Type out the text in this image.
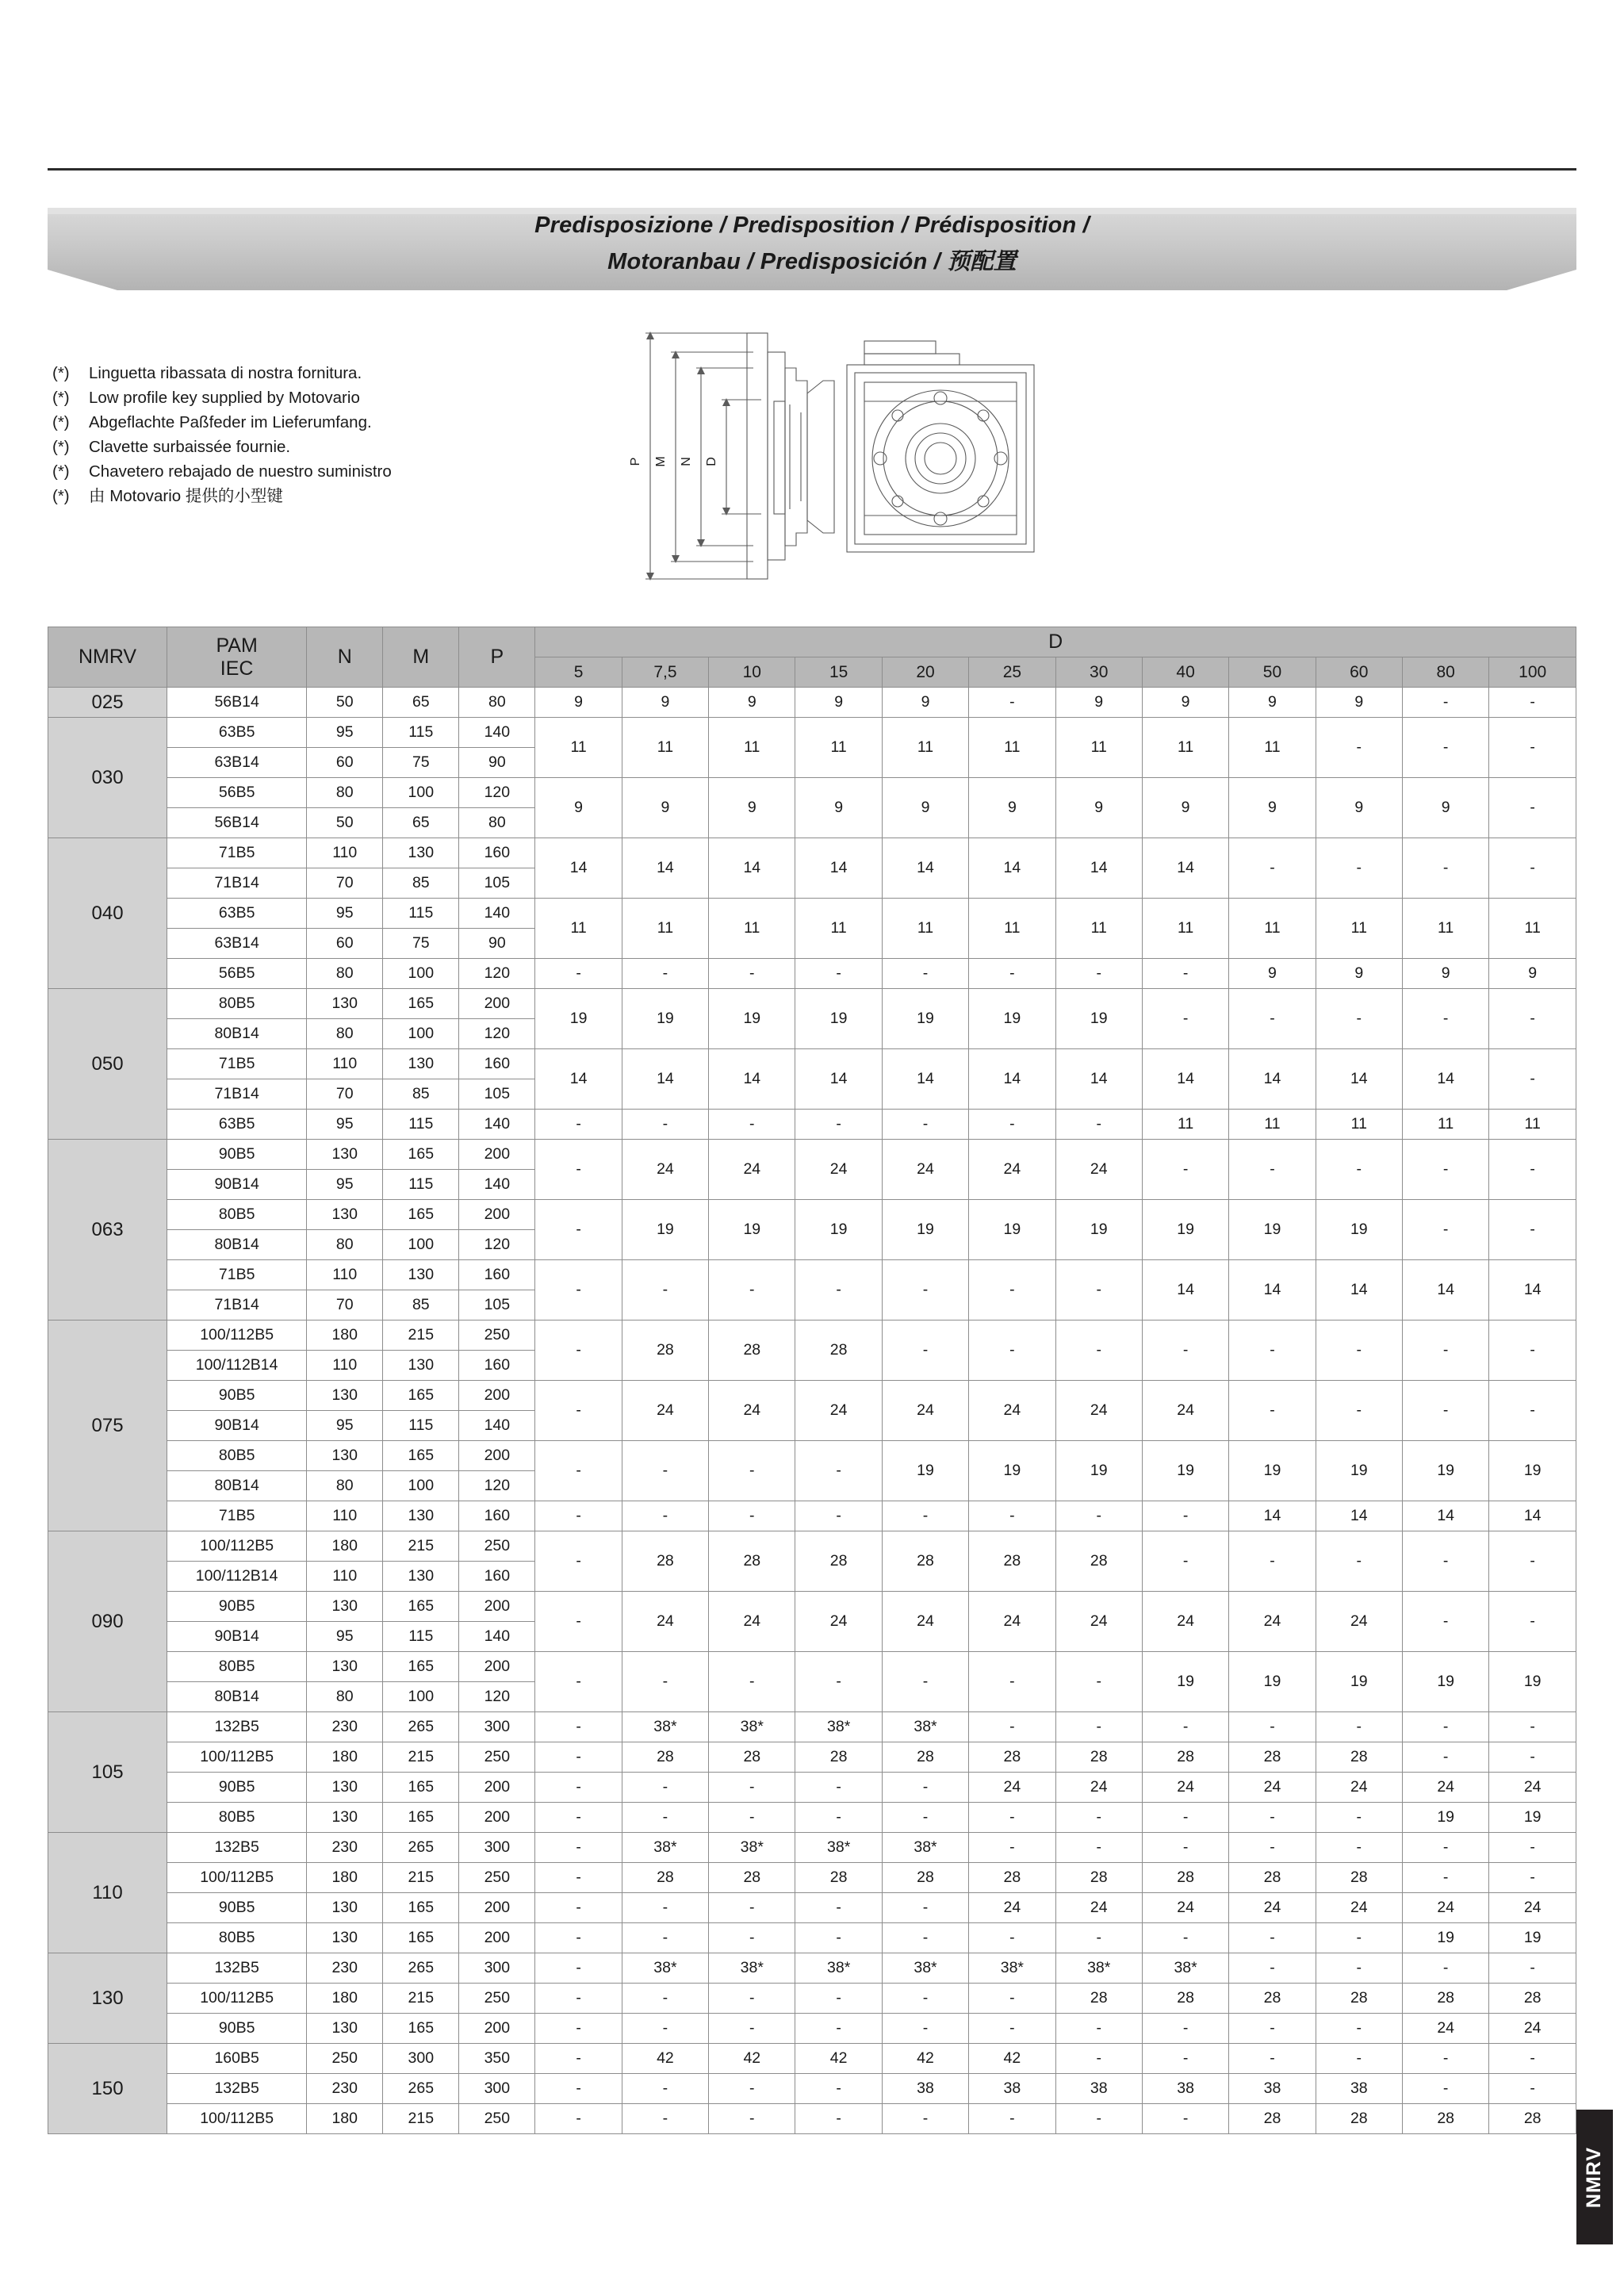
Predisposizione / Predisposition / Prédisposition /
Motoranbau / Predisposición / 预配置
(*)	Linguetta ribassata di nostra fornitura.
(*)	Low profile key supplied by Motovario
(*)	Abgeflachte Paßfeder im Lieferumfang.
(*)	Clavette surbaissée fournie.
(*)	Chavetero rebajado de nuestro suministro
(*)	由 Motovario 提供的小型键
P M N D
NMRV	PAM
IEC	N	M	P	D											
					5	7,5	10	15	20	25	30	40	50	60	80	100
025	56B14	50	65	80	9	9	9	9	9	-	9	9	9	9	-	-
030	63B5	95	115	140	11	11	11	11	11	11	11	11	11	-	-	-
	63B14	60	75	90												
	56B5	80	100	120	9	9	9	9	9	9	9	9	9	9	9	-
	56B14	50	65	80												
040	71B5	110	130	160	14	14	14	14	14	14	14	14	-	-	-	-
	71B14	70	85	105												
	63B5	95	115	140	11	11	11	11	11	11	11	11	11	11	11	11
	63B14	60	75	90												
	56B5	80	100	120	-	-	-	-	-	-	-	-	9	9	9	9
050	80B5	130	165	200	19	19	19	19	19	19	19	-	-	-	-	-
	80B14	80	100	120												
	71B5	110	130	160	14	14	14	14	14	14	14	14	14	14	14	-
	71B14	70	85	105												
	63B5	95	115	140	-	-	-	-	-	-	-	11	11	11	11	11
063	90B5	130	165	200	-	24	24	24	24	24	24	-	-	-	-	-
	90B14	95	115	140												
	80B5	130	165	200	-	19	19	19	19	19	19	19	19	19	-	-
	80B14	80	100	120												
	71B5	110	130	160	-	-	-	-	-	-	-	14	14	14	14	14
	71B14	70	85	105												
075	100/112B5	180	215	250	-	28	28	28	-	-	-	-	-	-	-	-
	100/112B14	110	130	160												
	90B5	130	165	200	-	24	24	24	24	24	24	24	-	-	-	-
	90B14	95	115	140												
	80B5	130	165	200	-	-	-	-	19	19	19	19	19	19	19	19
	80B14	80	100	120												
	71B5	110	130	160	-	-	-	-	-	-	-	-	14	14	14	14
090	100/112B5	180	215	250	-	28	28	28	28	28	28	-	-	-	-	-
	100/112B14	110	130	160												
	90B5	130	165	200	-	24	24	24	24	24	24	24	24	24	-	-
	90B14	95	115	140												
	80B5	130	165	200	-	-	-	-	-	-	-	19	19	19	19	19
	80B14	80	100	120												
105	132B5	230	265	300	-	38*	38*	38*	38*	-	-	-	-	-	-	-
	100/112B5	180	215	250	-	28	28	28	28	28	28	28	28	28	-	-
	90B5	130	165	200	-	-	-	-	-	24	24	24	24	24	24	24
	80B5	130	165	200	-	-	-	-	-	-	-	-	-	-	19	19
110	132B5	230	265	300	-	38*	38*	38*	38*	-	-	-	-	-	-	-
	100/112B5	180	215	250	-	28	28	28	28	28	28	28	28	28	-	-
	90B5	130	165	200	-	-	-	-	-	24	24	24	24	24	24	24
	80B5	130	165	200	-	-	-	-	-	-	-	-	-	-	19	19
130	132B5	230	265	300	-	38*	38*	38*	38*	38*	38*	38*	-	-	-	-
	100/112B5	180	215	250	-	-	-	-	-	-	28	28	28	28	28	28
	90B5	130	165	200	-	-	-	-	-	-	-	-	-	-	24	24
150	160B5	250	300	350	-	42	42	42	42	42	-	-	-	-	-	-
	132B5	230	265	300	-	-	-	-	38	38	38	38	38	38	-	-
	100/112B5	180	215	250	-	-	-	-	-	-	-	-	28	28	28	28
NMRV
